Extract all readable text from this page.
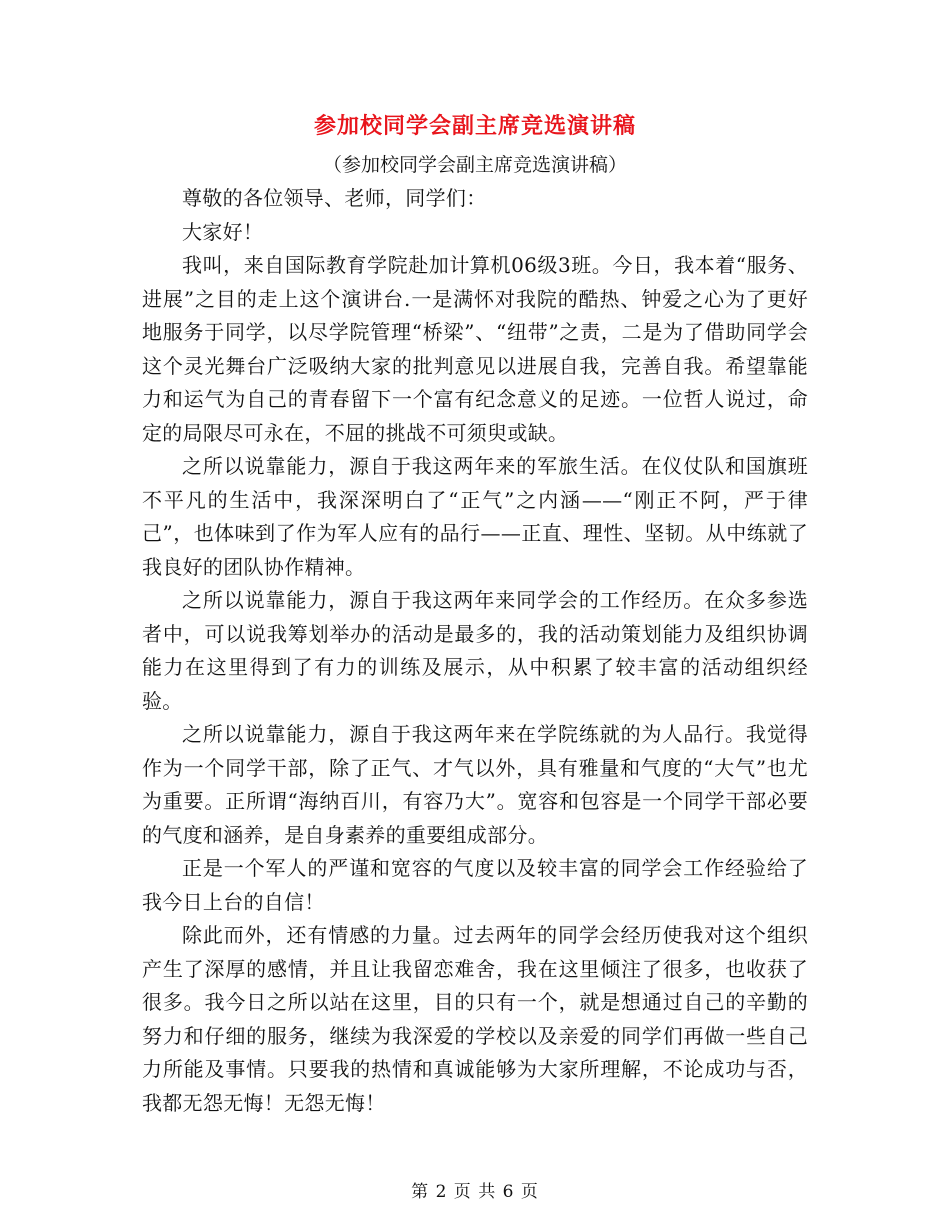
参加校同学会副主席竞选演讲稿

（参加校同学会副主席竞选演讲稿）

尊敬的各位领导、老师，同学们：

大家好！

我叫，来自国际教育学院赴加计算机06级3班。今日，我本着“服务、进展”之目的走上这个演讲台.一是满怀对我院的酷热、钟爱之心为了更好地服务于同学，以尽学院管理“桥梁”、“纽带”之责，二是为了借助同学会这个灵光舞台广泛吸纳大家的批判意见以进展自我，完善自我。希望靠能力和运气为自己的青春留下一个富有纪念意义的足迹。一位哲人说过，命定的局限尽可永在，不屈的挑战不可须臾或缺。

之所以说靠能力，源自于我这两年来的军旅生活。在仪仗队和国旗班不平凡的生活中，我深深明白了“正气”之内涵——“刚正不阿，严于律己”，也体味到了作为军人应有的品行——正直、理性、坚韧。从中练就了我良好的团队协作精神。

之所以说靠能力，源自于我这两年来同学会的工作经历。在众多参选者中，可以说我筹划举办的活动是最多的，我的活动策划能力及组织协调能力在这里得到了有力的训练及展示，从中积累了较丰富的活动组织经验。

之所以说靠能力，源自于我这两年来在学院练就的为人品行。我觉得作为一个同学干部，除了正气、才气以外，具有雅量和气度的“大气”也尤为重要。正所谓“海纳百川，有容乃大”。宽容和包容是一个同学干部必要的气度和涵养，是自身素养的重要组成部分。

正是一个军人的严谨和宽容的气度以及较丰富的同学会工作经验给了我今日上台的自信！

除此而外，还有情感的力量。过去两年的同学会经历使我对这个组织产生了深厚的感情，并且让我留恋难舍，我在这里倾注了很多，也收获了很多。我今日之所以站在这里，目的只有一个，就是想通过自己的辛勤的努力和仔细的服务，继续为我深爱的学校以及亲爱的同学们再做一些自己力所能及事情。只要我的热情和真诚能够为大家所理解，不论成功与否，我都无怨无悔！无怨无悔！

第 2 页 共 6 页
